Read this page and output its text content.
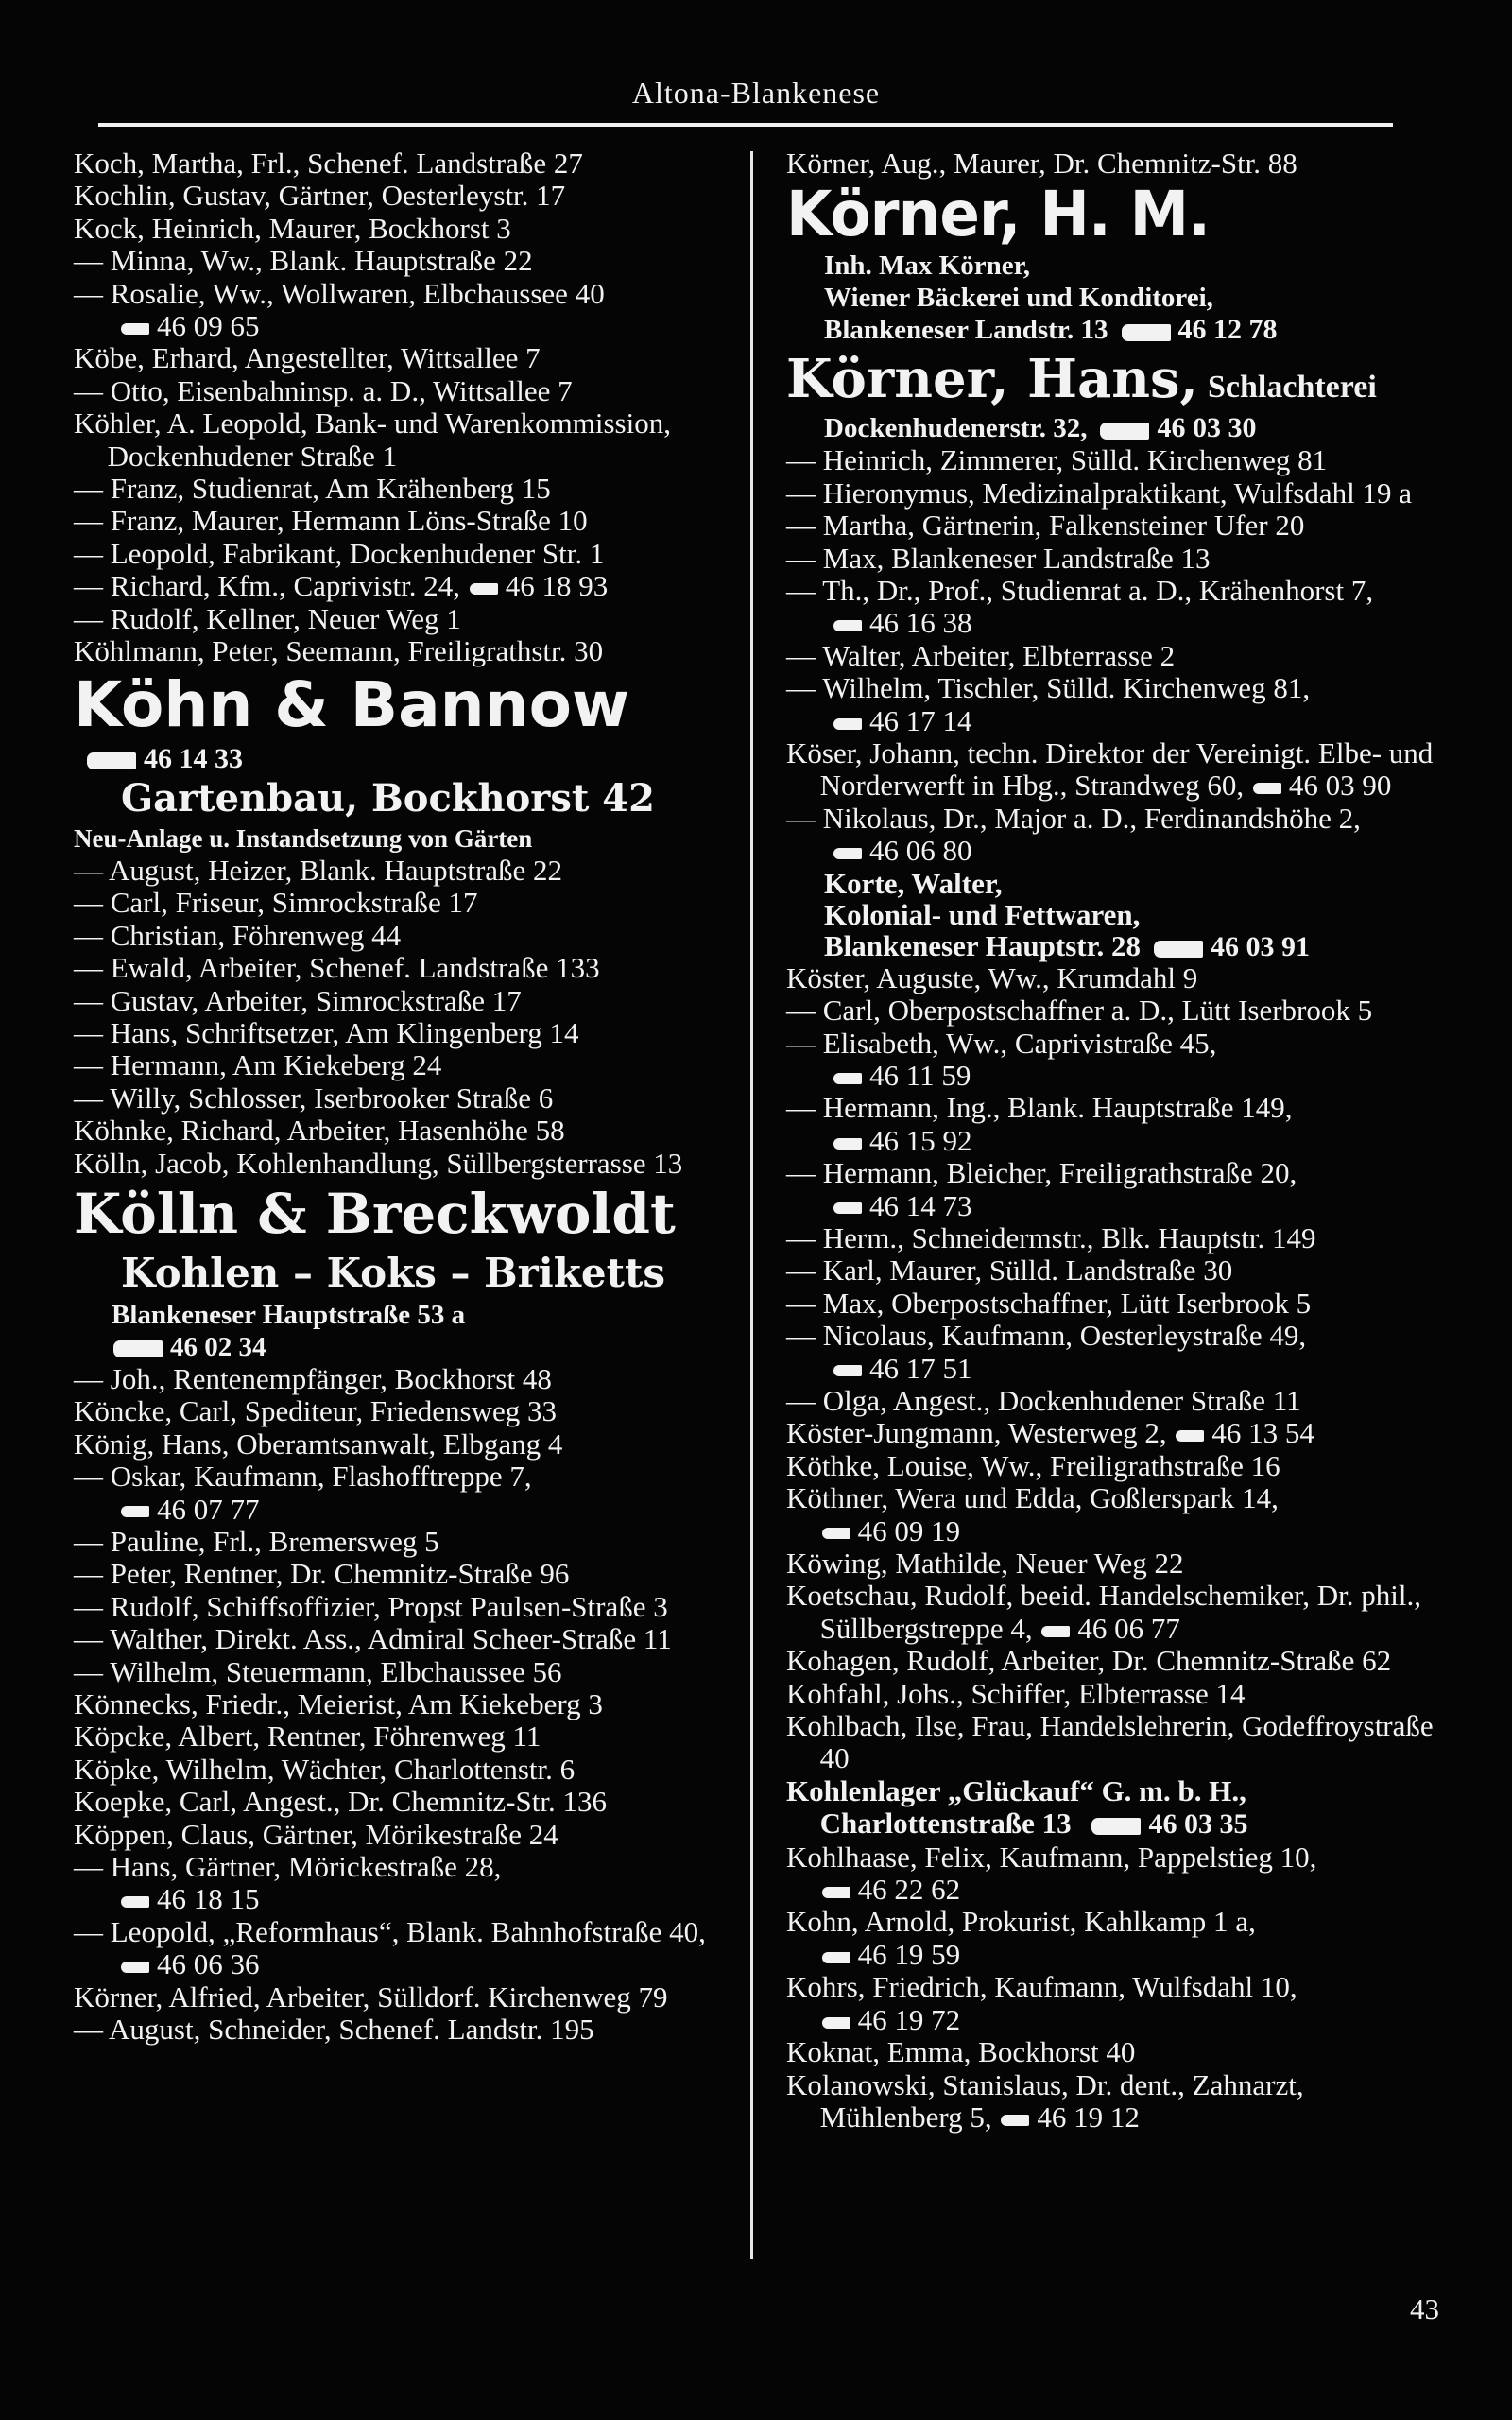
Altona-Blankenese
Koch, Martha, Frl., Schenef. Landstraße 27
Kochlin, Gustav, Gärtner, Oesterleystr. 17
Kock, Heinrich, Maurer, Bockhorst 3
— Minna, Ww., Blank. Hauptstraße 22
— Rosalie, Ww., Wollwaren, Elbchaussee 40
46 09 65
Köbe, Erhard, Angestellter, Wittsallee 7
— Otto, Eisenbahninsp. a. D., Wittsallee 7
Köhler, A. Leopold, Bank- und Warenkommission, Dockenhudener Straße 1
— Franz, Studienrat, Am Krähenberg 15
— Franz, Maurer, Hermann Löns-Straße 10
— Leopold, Fabrikant, Dockenhudener Str. 1
— Richard, Kfm., Caprivistr. 24, 46 18 93
— Rudolf, Kellner, Neuer Weg 1
Köhlmann, Peter, Seemann, Freiligrathstr. 30
Köhn & Bannow46 14 33
Gartenbau, Bockhorst 42
Neu-Anlage u. Instandsetzung von Gärten
— August, Heizer, Blank. Hauptstraße 22
— Carl, Friseur, Simrockstraße 17
— Christian, Föhrenweg 44
— Ewald, Arbeiter, Schenef. Landstraße 133
— Gustav, Arbeiter, Simrockstraße 17
— Hans, Schriftsetzer, Am Klingenberg 14
— Hermann, Am Kiekeberg 24
— Willy, Schlosser, Iserbrooker Straße 6
Köhnke, Richard, Arbeiter, Hasenhöhe 58
Kölln, Jacob, Kohlenhandlung, Süllbergsterrasse 13
Kölln & Breckwoldt
Kohlen – Koks – Briketts
Blankeneser Hauptstraße 53 a
46 02 34
— Joh., Rentenempfänger, Bockhorst 48
Köncke, Carl, Spediteur, Friedensweg 33
König, Hans, Oberamtsanwalt, Elbgang 4
— Oskar, Kaufmann, Flashofftreppe 7,
46 07 77
— Pauline, Frl., Bremersweg 5
— Peter, Rentner, Dr. Chemnitz-Straße 96
— Rudolf, Schiffsoffizier, Propst Paulsen-Straße 3
— Walther, Direkt. Ass., Admiral Scheer-Straße 11
— Wilhelm, Steuermann, Elbchaussee 56
Könnecks, Friedr., Meierist, Am Kiekeberg 3
Köpcke, Albert, Rentner, Föhrenweg 11
Köpke, Wilhelm, Wächter, Charlottenstr. 6
Koepke, Carl, Angest., Dr. Chemnitz-Str. 136
Köppen, Claus, Gärtner, Mörikestraße 24
— Hans, Gärtner, Mörickestraße 28,
46 18 15
— Leopold, „Reformhaus“, Blank. Bahnhofstraße 40, 46 06 36
Körner, Alfried, Arbeiter, Sülldorf. Kirchenweg 79
— August, Schneider, Schenef. Landstr. 195
Körner, Aug., Maurer, Dr. Chemnitz-Str. 88
Körner, H. M.
Inh. Max Körner,
Wiener Bäckerei und Konditorei,
Blankeneser Landstr. 13 46 12 78
Körner, Hans, Schlachterei
Dockenhudenerstr. 32, 46 03 30
— Heinrich, Zimmerer, Sülld. Kirchenweg 81
— Hieronymus, Medizinalpraktikant, Wulfsdahl 19 a
— Martha, Gärtnerin, Falkensteiner Ufer 20
— Max, Blankeneser Landstraße 13
— Th., Dr., Prof., Studienrat a. D., Krähenhorst 7, 46 16 38
— Walter, Arbeiter, Elbterrasse 2
— Wilhelm, Tischler, Sülld. Kirchenweg 81,
46 17 14
Köser, Johann, techn. Direktor der Vereinigt. Elbe- und Norderwerft in Hbg., Strandweg 60, 46 03 90
— Nikolaus, Dr., Major a. D., Ferdinandshöhe 2, 46 06 80
Korte, Walter,
Kolonial- und Fettwaren,
Blankeneser Hauptstr. 28 46 03 91
Köster, Auguste, Ww., Krumdahl 9
— Carl, Oberpostschaffner a. D., Lütt Iserbrook 5
— Elisabeth, Ww., Caprivistraße 45,
46 11 59
— Hermann, Ing., Blank. Hauptstraße 149,
46 15 92
— Hermann, Bleicher, Freiligrathstraße 20,
46 14 73
— Herm., Schneidermstr., Blk. Hauptstr. 149
— Karl, Maurer, Sülld. Landstraße 30
— Max, Oberpostschaffner, Lütt Iserbrook 5
— Nicolaus, Kaufmann, Oesterleystraße 49,
46 17 51
— Olga, Angest., Dockenhudener Straße 11
Köster-Jungmann, Westerweg 2, 46 13 54
Köthke, Louise, Ww., Freiligrathstraße 16
Köthner, Wera und Edda, Goßlerspark 14,
46 09 19
Köwing, Mathilde, Neuer Weg 22
Koetschau, Rudolf, beeid. Handelschemiker, Dr. phil., Süllbergstreppe 4, 46 06 77
Kohagen, Rudolf, Arbeiter, Dr. Chemnitz-Straße 62
Kohfahl, Johs., Schiffer, Elbterrasse 14
Kohlbach, Ilse, Frau, Handelslehrerin, Godeffroystraße 40
Kohlenlager „Glückauf“ G. m. b. H.,
Charlottenstraße 13	46 03 35
Kohlhaase, Felix, Kaufmann, Pappelstieg 10,
46 22 62
Kohn, Arnold, Prokurist, Kahlkamp 1 a,
46 19 59
Kohrs, Friedrich, Kaufmann, Wulfsdahl 10,
46 19 72
Koknat, Emma, Bockhorst 40
Kolanowski, Stanislaus, Dr. dent., Zahnarzt, Mühlenberg 5, 46 19 12
43
